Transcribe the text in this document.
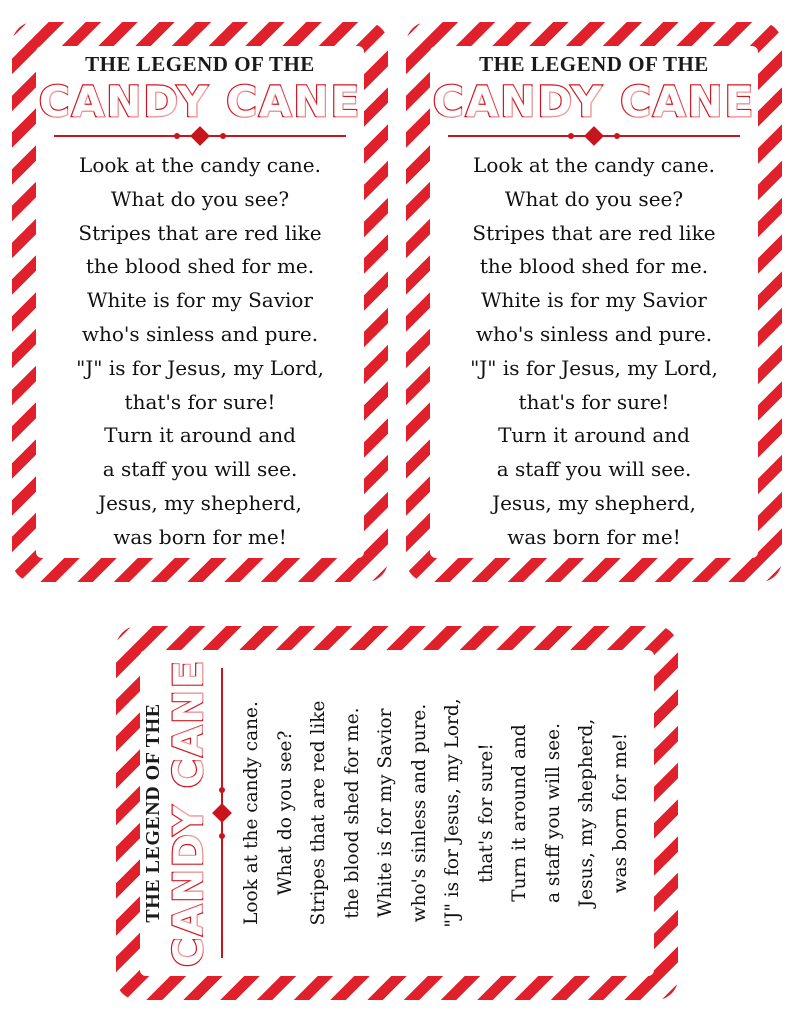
THE LEGEND OF THE
CANDY CANE
Look at the candy cane.
What do you see?
Stripes that are red like
the blood shed for me.
White is for my Savior
who's sinless and pure.
"J" is for Jesus, my Lord,
that's for sure!
Turn it around and
a staff you will see.
Jesus, my shepherd,
was born for me!
THE LEGEND OF THE
CANDY CANE
Look at the candy cane.
What do you see?
Stripes that are red like
the blood shed for me.
White is for my Savior
who's sinless and pure.
"J" is for Jesus, my Lord,
that's for sure!
Turn it around and
a staff you will see.
Jesus, my shepherd,
was born for me!
THE LEGEND OF THE CANDY CANE	Look at the candy cane. What do you see? Stripes that are red like the blood shed for me. White is for my Savior who's sinless and pure. "J" is for Jesus, my Lord, that's for sure! Turn it around and a staff you will see. Jesus, my shepherd, was born for me!
